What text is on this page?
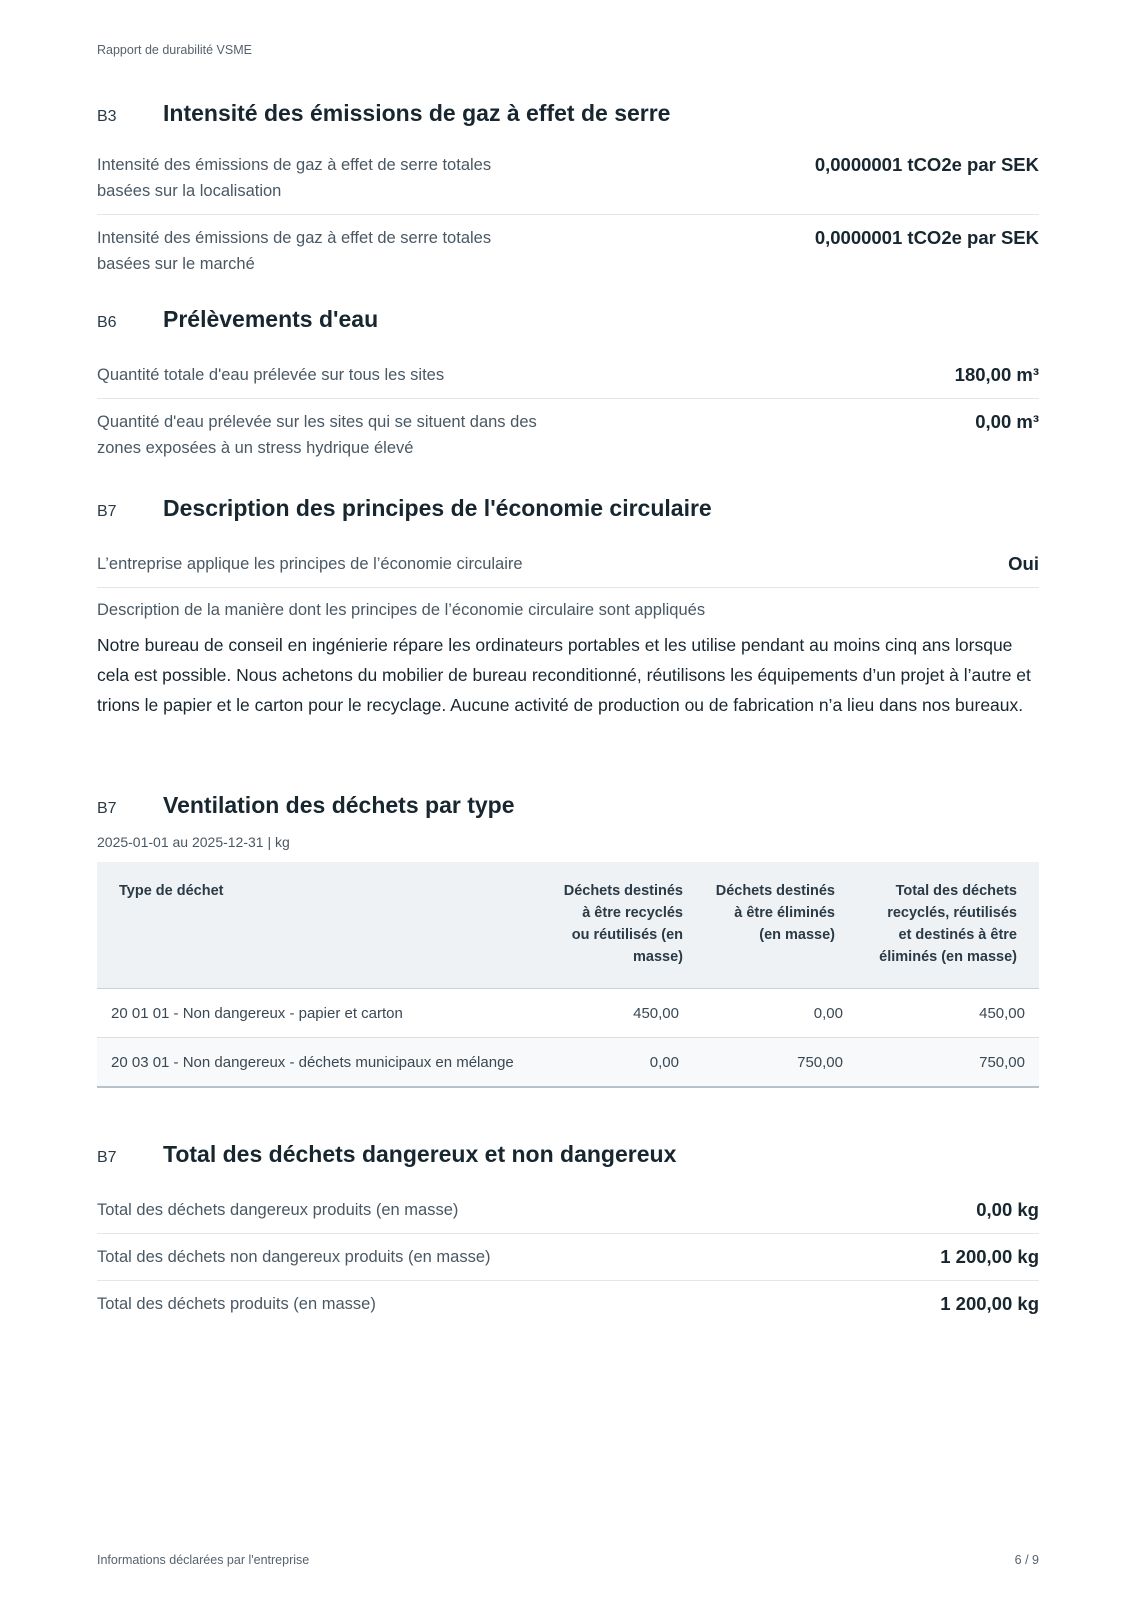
Rapport de durabilité VSME
B3	Intensité des émissions de gaz à effet de serre
Intensité des émissions de gaz à effet de serre totales basées sur la localisation
0,0000001 tCO2e par SEK
Intensité des émissions de gaz à effet de serre totales basées sur le marché
0,0000001 tCO2e par SEK
B6	Prélèvements d'eau
Quantité totale d'eau prélevée sur tous les sites	180,00 m³
Quantité d'eau prélevée sur les sites qui se situent dans des zones exposées à un stress hydrique élevé
0,00 m³
B7	Description des principes de l'économie circulaire
L’entreprise applique les principes de l’économie circulaire	Oui
Description de la manière dont les principes de l’économie circulaire sont appliqués
Notre bureau de conseil en ingénierie répare les ordinateurs portables et les utilise pendant au moins cinq ans lorsque cela est possible. Nous achetons du mobilier de bureau reconditionné, réutilisons les équipements d’un projet à l’autre et trions le papier et le carton pour le recyclage. Aucune activité de production ou de fabrication n’a lieu dans nos bureaux.
B7	Ventilation des déchets par type
2025-01-01 au 2025-12-31 | kg
Type de déchet	Déchets destinés à être recyclés ou réutilisés (en masse)	Déchets destinés à être éliminés (en masse)	Total des déchets recyclés, réutilisés et destinés à être éliminés (en masse)
20 01 01 - Non dangereux - papier et carton	450,00	0,00	450,00
20 03 01 - Non dangereux - déchets municipaux en mélange	0,00	750,00	750,00
B7	Total des déchets dangereux et non dangereux
Total des déchets dangereux produits (en masse)	0,00 kg
Total des déchets non dangereux produits (en masse)	1 200,00 kg
Total des déchets produits (en masse)	1 200,00 kg
Informations déclarées par l'entreprise	6 / 9
